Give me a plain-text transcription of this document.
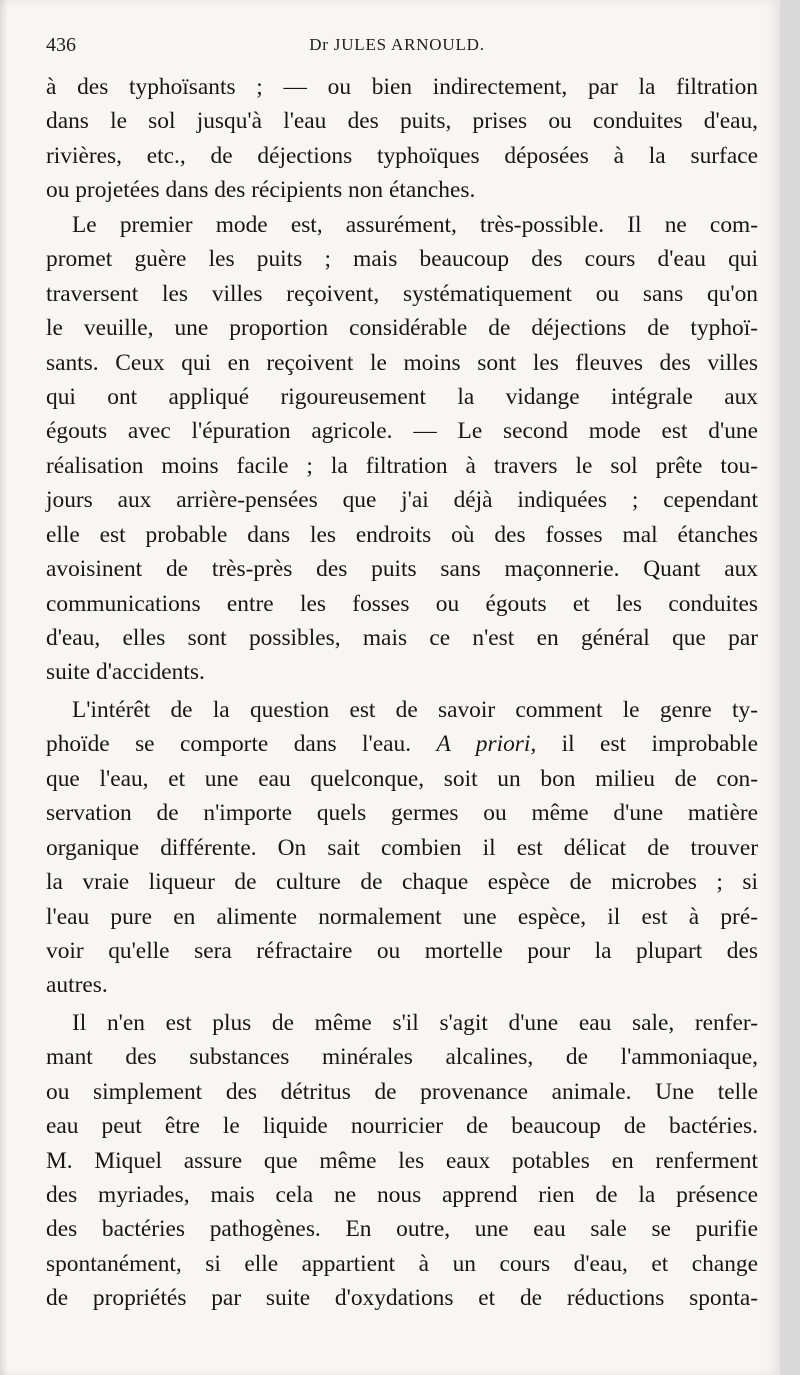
436	Dr JULES ARNOULD.
à des typhoïsants ; — ou bien indirectement, par la filtration
dans le sol jusqu'à l'eau des puits, prises ou conduites d'eau,
rivières, etc., de déjections typhoïques déposées à la surface
ou projetées dans des récipients non étanches.
Le premier mode est, assurément, très-possible. Il ne com-
promet guère les puits ; mais beaucoup des cours d'eau qui
traversent les villes reçoivent, systématiquement ou sans qu'on
le veuille, une proportion considérable de déjections de typhoï-
sants. Ceux qui en reçoivent le moins sont les fleuves des villes
qui ont appliqué rigoureusement la vidange intégrale aux
égouts avec l'épuration agricole. — Le second mode est d'une
réalisation moins facile ; la filtration à travers le sol prête tou-
jours aux arrière-pensées que j'ai déjà indiquées ; cependant
elle est probable dans les endroits où des fosses mal étanches
avoisinent de très-près des puits sans maçonnerie. Quant aux
communications entre les fosses ou égouts et les conduites
d'eau, elles sont possibles, mais ce n'est en général que par
suite d'accidents.
L'intérêt de la question est de savoir comment le genre ty-
phoïde se comporte dans l'eau. A priori, il est improbable
que l'eau, et une eau quelconque, soit un bon milieu de con-
servation de n'importe quels germes ou même d'une matière
organique différente. On sait combien il est délicat de trouver
la vraie liqueur de culture de chaque espèce de microbes ; si
l'eau pure en alimente normalement une espèce, il est à pré-
voir qu'elle sera réfractaire ou mortelle pour la plupart des
autres.
Il n'en est plus de même s'il s'agit d'une eau sale, renfer-
mant des substances minérales alcalines, de l'ammoniaque,
ou simplement des détritus de provenance animale. Une telle
eau peut être le liquide nourricier de beaucoup de bactéries.
M. Miquel assure que même les eaux potables en renferment
des myriades, mais cela ne nous apprend rien de la présence
des bactéries pathogènes. En outre, une eau sale se purifie
spontanément, si elle appartient à un cours d'eau, et change
de propriétés par suite d'oxydations et de réductions sponta-
